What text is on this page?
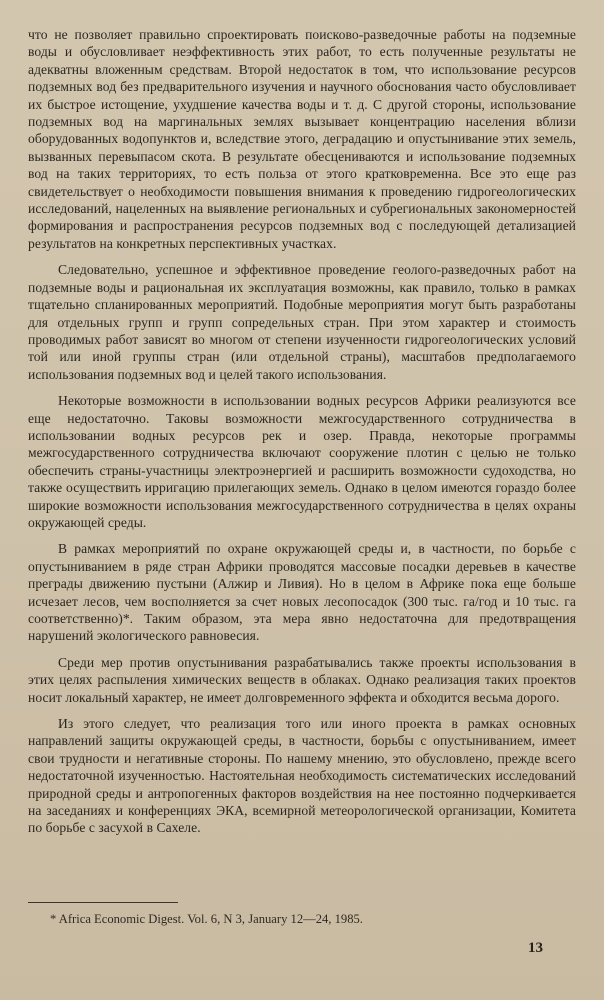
что не позволяет правильно спроектировать поисково-разведочные работы на подземные воды и обусловливает неэффективность этих работ, то есть полученные результаты не адекватны вложенным средствам. Второй недостаток в том, что использование ресурсов подземных вод без предварительного изучения и научного обоснования часто обусловливает их быстрое истощение, ухудшение качества воды и т. д. С другой стороны, использование подземных вод на маргинальных землях вызывает концентрацию населения вблизи оборудованных водопунктов и, вследствие этого, деградацию и опустынивание этих земель, вызванных перевыпасом скота. В результате обесцениваются и использование подземных вод на таких территориях, то есть польза от этого кратковременна. Все это еще раз свидетельствует о необходимости повышения внимания к проведению гидрогеологических исследований, нацеленных на выявление региональных и субрегиональных закономерностей формирования и распространения ресурсов подземных вод с последующей детализацией результатов на конкретных перспективных участках.

Следовательно, успешное и эффективное проведение геолого-разведочных работ на подземные воды и рациональная их эксплуатация возможны, как правило, только в рамках тщательно спланированных мероприятий. Подобные мероприятия могут быть разработаны для отдельных групп и групп сопредельных стран. При этом характер и стоимость проводимых работ зависят во многом от степени изученности гидрогеологических условий той или иной группы стран (или отдельной страны), масштабов предполагаемого использования подземных вод и целей такого использования.

Некоторые возможности в использовании водных ресурсов Африки реализуются все еще недостаточно. Таковы возможности межгосударственного сотрудничества в использовании водных ресурсов рек и озер. Правда, некоторые программы межгосударственного сотрудничества включают сооружение плотин с целью не только обеспечить страны-участницы электроэнергией и расширить возможности судоходства, но также осуществить ирригацию прилегающих земель. Однако в целом имеются гораздо более широкие возможности использования межгосударственного сотрудничества в целях охраны окружающей среды.

В рамках мероприятий по охране окружающей среды и, в частности, по борьбе с опустыниванием в ряде стран Африки проводятся массовые посадки деревьев в качестве преграды движению пустыни (Алжир и Ливия). Но в целом в Африке пока еще больше исчезает лесов, чем восполняется за счет новых лесопосадок (300 тыс. га/год и 10 тыс. га соответственно)*. Таким образом, эта мера явно недостаточна для предотвращения нарушений экологического равновесия.

Среди мер против опустынивания разрабатывались также проекты использования в этих целях распыления химических веществ в облаках. Однако реализация таких проектов носит локальный характер, не имеет долговременного эффекта и обходится весьма дорого.

Из этого следует, что реализация того или иного проекта в рамках основных направлений защиты окружающей среды, в частности, борьбы с опустыниванием, имеет свои трудности и негативные стороны. По нашему мнению, это обусловлено, прежде всего недостаточной изученностью. Настоятельная необходимость систематических исследований природной среды и антропогенных факторов воздействия на нее постоянно подчеркивается на заседаниях и конференциях ЭКА, всемирной метеорологической организации, Комитета по борьбе с засухой в Сахеле.

* Africa Economic Digest. Vol. 6, N 3, January 12—24, 1985.
13
